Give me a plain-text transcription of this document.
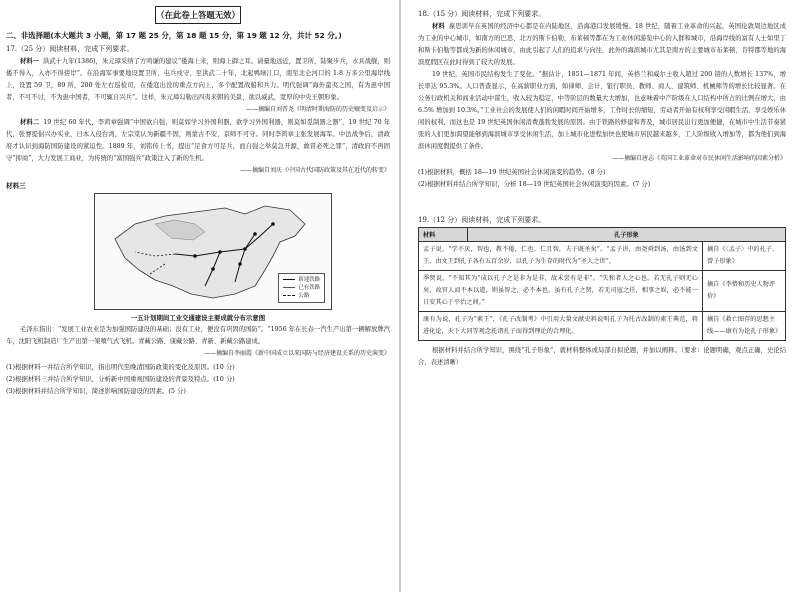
（在此卷上答题无效）
二、非选择题(本大题共 3 小题，第 17 题 25 分，第 18 题 15 分，第 19 题 12 分，共计 52 分。)
17.（25 分）阅读材料，完成下列要求。

材料一 洪武十九年(1386)，朱元璋采纳了方鸣谦的建议“倭海上来，则海上御之耳。请量地远近，置卫所，陆聚步兵，水具战舰，则倭不得入，入亦不得傍岸”。在沿海军事要地设置卫所，屯兵戍守，至洪武二十年，北起鸭绿江口，南至北仑河口的 1.8 万多公里海岸线上，设置 59 卫，89 所，200 处左右巡检司，在倭寇出没的重点方向上，多个配置战船和兵力。明代强调“海外蛮夷之国，有为患中国者，不可不讨，不为患中国者，不可辄自兴兵”。这样，朱元璋勾勒出四夷来朝的美景，欲以威武，宽厚的中央王朝形象。

——摘编自刘晋尧《明清时期海防的历史嬗变及启示》

材料二 19 世纪 60 年代，李鸿章强调“中国欲自强，则莫如学习外国利器，欲学习外国利器，则莫如觅制器之器”，19 世纪 70 年代，张謇提倡兴办实业，日本入侵台湾，左宗棠认为新疆不固，则蒙古不安，京师不可守。同时李鸿章主张发展海军。中法战争后，清政府才认识到海防国防建设的紧迫性。1889 年，刘铭传上书，提出“足食方可足兵，而自强之举莫急开源，敢冒必死之罪”，清政府不再固守“抑商”，大力发展工商业，为传统的“富国强兵”政策注入了新的生机。

——摘编自刘庆《中国古代国防政策及其在近代的转变》
材料三
新建铁路
已有铁路
公路
一五计划期间工业交通建设主要成就分布示意图

毛泽东指出：“发展工业农业是为加强国防建设的基础；没有工业，便没有巩固的国防”。“1956 年在长春一汽生产出第一辆解放牌汽车，沈阳飞机制造厂生产出第一架喷气式飞机。青藏公路、康藏公路、青新、新藏公路建成。

——摘编自李丽霞《新中国成立以来国防与经济建设关系的历史演变》
(1)根据材料一并结合所学知识，指出明代至晚清国防政策的变化及原因。(10 分)
(2)根据材料三并结合所学知识，分析新中国重视国防建设的背景及特点。(10 分)
(3)根据材料并结合所学知识，简述影响国防建设的因素。(5 分)
18.（15 分）阅读材料，完成下列要求。

材料 葆思训早在英国的经济中心都是在内陆地区，沿海港口发展缓慢。18 世纪，随着工业革命的兴起，英国伦敦周边地区成为工业的中心城市，如南方的巴思、北方的斯卡伯勒，布莱顿等都在为工业休闲游览中心的人群和城市，沿海岸线的富有人士如里丁和斯卡伯勒等都成为新的休闲城市，由此引起了人们的追求与向往，此外的海滨城市尤其是南方的主要城市布莱顿、肯特郡等地的海滨度假区在此时得到了较大的发展。

19 世纪，英国市民结构发生了变化。“据估计，1851—1871 年间，英格兰和威尔士收入超过 200 镑的人数增长 137%，增长率达 95.3%。人口普查显示，在高薪职业方面，如律师、会计、银行职员、教师、商人、建筑师、机械师等的增长比较显著。在公务行政机关和商业活动中谋生，收入较为稳定，中等阶层的数量大大增加，也意味着中产阶级在人口结构中所占的比例在增大，由 6.5% 增加到 10.3%。”工业社会的发展使人们的闲暇时间开始增多，工作时长的缩短，劳动者开始有权利享受闲暇生活，享受娱乐休闲的权利，而这也是 19 世纪英国休闲消费蓬勃发展的原因。由于铁路的修建和普及，城市居民出行更加便捷，在城市中生活节奏紧张的人们更加渴望能够到海滨城市享受休闲生活，加上城市化进程加快也使城市居民越来越多，工人阶级收入增加等，都为他们到海滨休闲度假提供了条件。

——摘编自唐志《英国工业革命对市民休闲生活影响的因素分析》
(1)根据材料，概括 18—19 世纪英国社会休闲演变的趋势。(8 分)
(2)根据材料并结合所学知识，分析 18—19 世纪英国社会休闲演变的因素。(7 分)
19.（12 分）阅读材料，完成下列要求。
材料	孔子形象	
孟子说，“学不厌，智也，教不倦，仁也。仁且智，夫子既圣矣”。“孟子讲，由尧舜到汤，由汤到文王，由文王到孔子各有五百余岁，以孔子为生存的时代为“圣人之世”。		摘自《〈孟子〉中的孔子、曾子形象》
季贤说，“不知其为“成以孔子之是非为是非，故未尝有是非”。“失和者人之心也。若无孔子则无心矣，故官人而不本以道，则虽智之，必不本也。虽有孔子之贤，若无司寇之任，相事之娱，必不能一日安其心于平治之间。”		摘自《李贽和历史人物评价》
康有为说，孔子为“素王”，《孔子改制考》中引用大量文献史料说明孔子为托古改制的素王典范，将进化论，天下大同等观念托诸孔子而得到理论的合理化。		摘自《救亡图存的思想主线——康有为论孔子形象》

根据材料并结合所学知识，围绕“孔子形象”，就材料整体或局部自拟论题，并加以阐释。（要求：论题明确，观点正确，史论结合，表述清晰）
